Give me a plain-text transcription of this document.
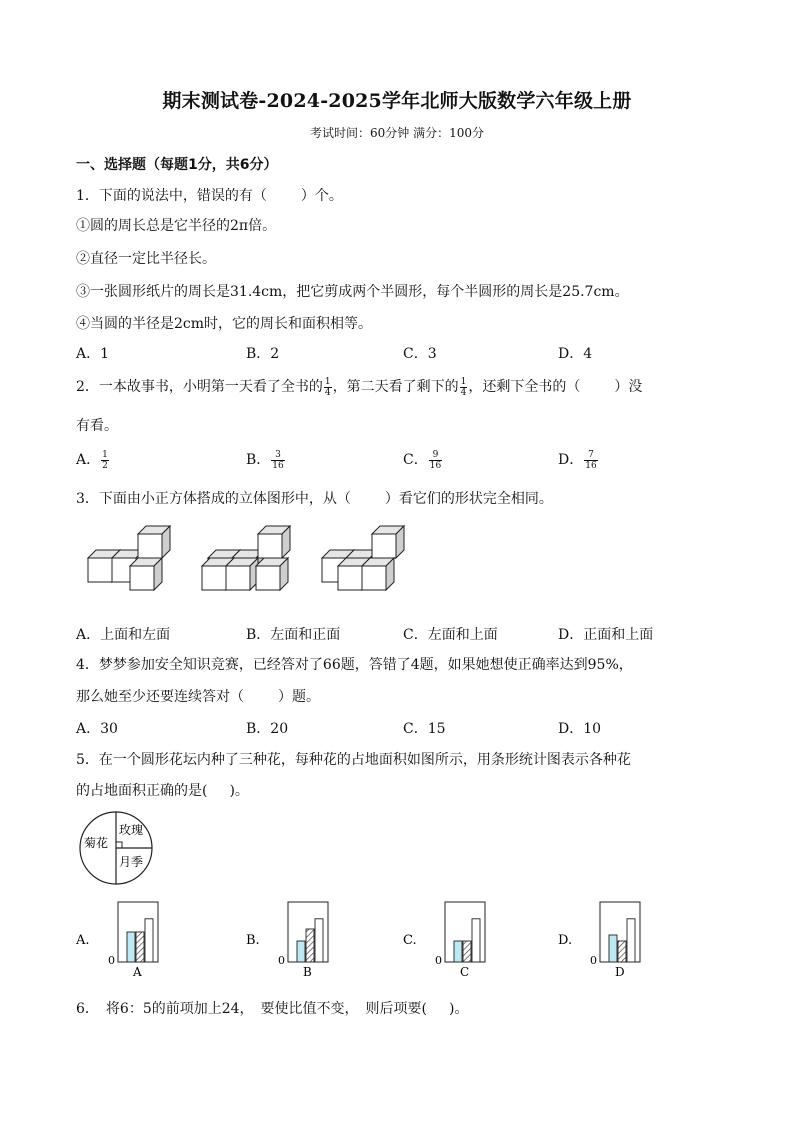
期末测试卷-2024-2025学年北师大版数学六年级上册
考试时间：60分钟 满分：100分
一、选择题（每题1分，共6分）
1．下面的说法中，错误的有（ ）个。
①圆的周长总是它半径的2π倍。
②直径一定比半径长。
③一张圆形纸片的周长是31.4cm，把它剪成两个半圆形，每个半圆形的周长是25.7cm。
④当圆的半径是2cm时，它的周长和面积相等。
A．1	B．2	C．3	D．4
2．一本故事书，小明第一天看了全书的 $\frac{1}{4}$ ，第二天看了剩下的 $\frac{1}{4}$ ，还剩下全书的（ ）没
有看。
A． $\frac{1}{2}$	B． $\frac{3}{16}$	C． $\frac{9}{16}$	D． $\frac{7}{16}$
3．下面由小正方体搭成的立体图形中，从（ ）看它们的形状完全相同。
A．上面和左面	B．左面和正面	C．左面和上面	D．正面和上面
4．梦梦参加安全知识竞赛，已经答对了66题，答错了4题，如果她想使正确率达到95%，
那么她至少还要连续答对（ ）题。
A．30	B．20	C．15	D．10
5．在一个圆形花坛内种了三种花，每种花的占地面积如图所示，用条形统计图表示各种花
的占地面积正确的是( )。
菊花
玫瑰
月季
A.
0
A
B.
0
B
C.
0
C
D.
0
D
6．　将6：5的前项加上24，　要使比值不变，　则后项要( )。
